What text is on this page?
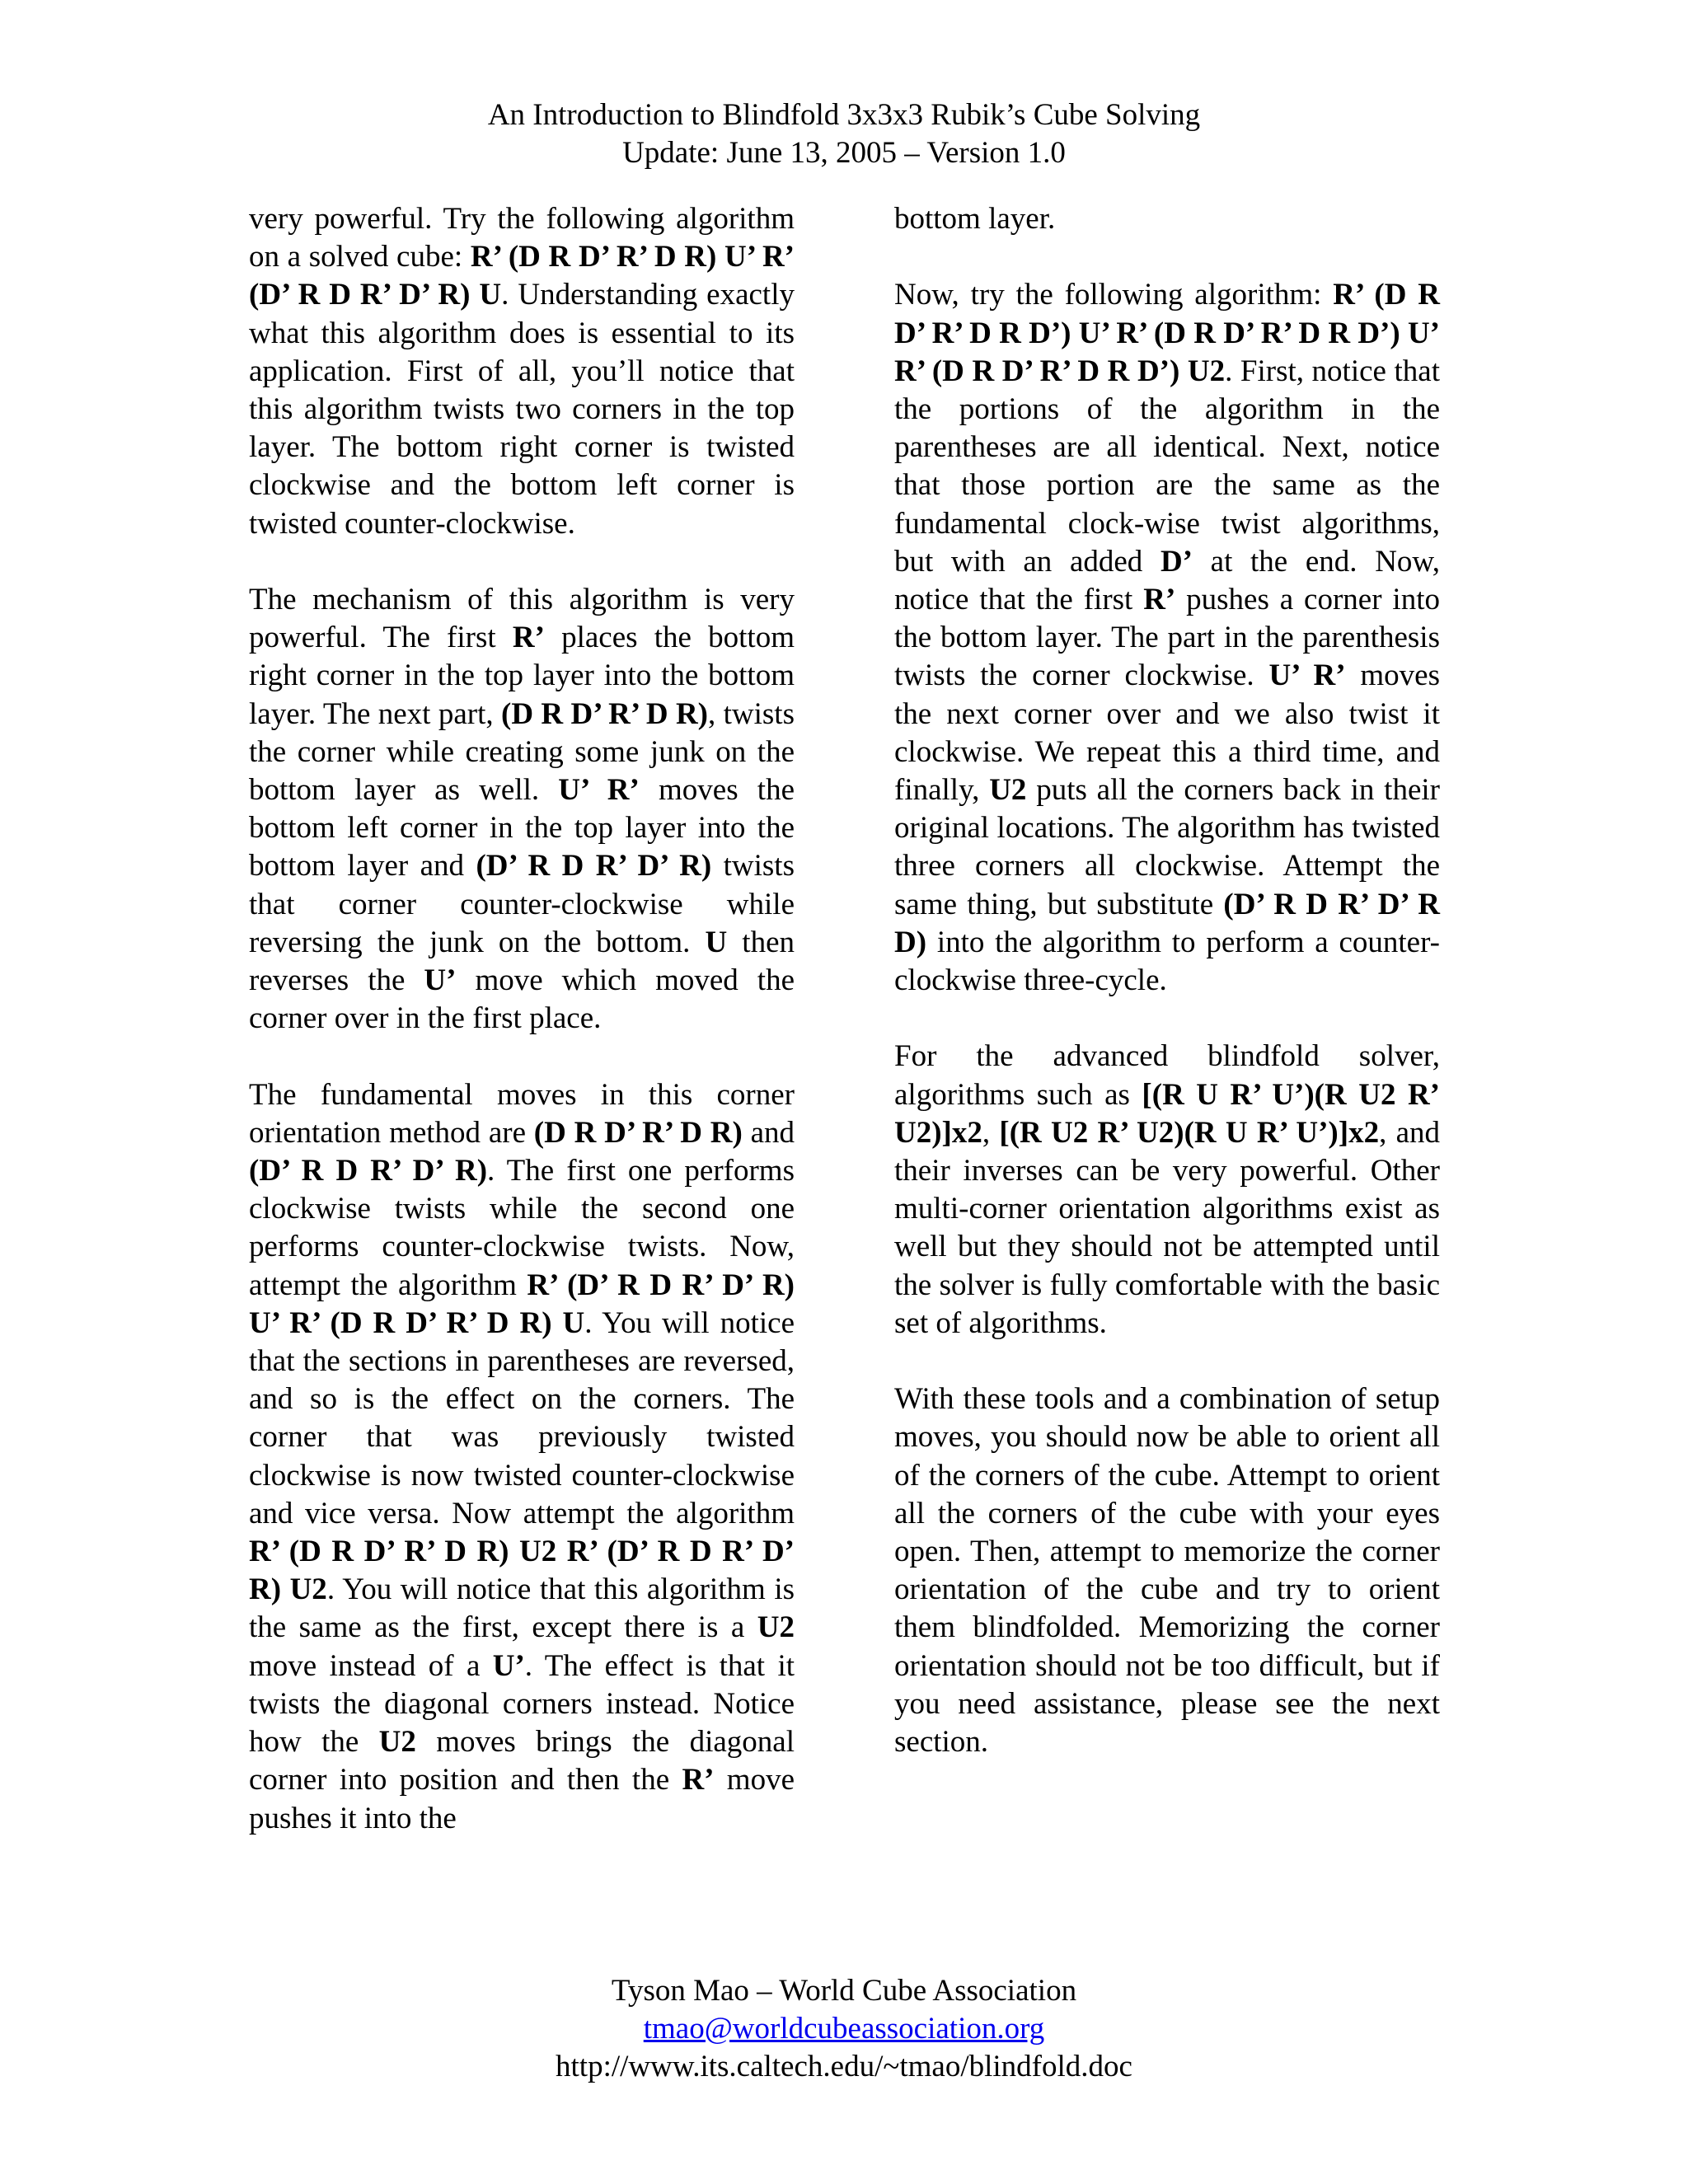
An Introduction to Blindfold 3x3x3 Rubik’s Cube Solving
Update: June 13, 2005 – Version 1.0

very powerful. Try the following algorithm on a solved cube: R’ (D R D’ R’ D R) U’ R’ (D’ R D R’ D’ R) U. Understanding exactly what this algorithm does is essential to its application. First of all, you’ll notice that this algorithm twists two corners in the top layer. The bottom right corner is twisted clockwise and the bottom left corner is twisted counter-clockwise.

The mechanism of this algorithm is very powerful. The first R’ places the bottom right corner in the top layer into the bottom layer. The next part, (D R D’ R’ D R), twists the corner while creating some junk on the bottom layer as well. U’ R’ moves the bottom left corner in the top layer into the bottom layer and (D’ R D R’ D’ R) twists that corner counter-clockwise while reversing the junk on the bottom. U then reverses the U’ move which moved the corner over in the first place.

The fundamental moves in this corner orientation method are (D R D’ R’ D R) and (D’ R D R’ D’ R). The first one performs clockwise twists while the second one performs counter-clockwise twists. Now, attempt the algorithm R’ (D’ R D R’ D’ R) U’ R’ (D R D’ R’ D R) U. You will notice that the sections in parentheses are reversed, and so is the effect on the corners. The corner that was previously twisted clockwise is now twisted counter-clockwise and vice versa. Now attempt the algorithm R’ (D R D’ R’ D R) U2 R’ (D’ R D R’ D’ R) U2. You will notice that this algorithm is the same as the first, except there is a U2 move instead of a U’. The effect is that it twists the diagonal corners instead. Notice how the U2 moves brings the diagonal corner into position and then the R’ move pushes it into the

bottom layer.

Now, try the following algorithm: R’ (D R D’ R’ D R D’) U’ R’ (D R D’ R’ D R D’) U’ R’ (D R D’ R’ D R D’) U2. First, notice that the portions of the algorithm in the parentheses are all identical. Next, notice that those portion are the same as the fundamental clock-wise twist algorithms, but with an added D’ at the end. Now, notice that the first R’ pushes a corner into the bottom layer. The part in the parenthesis twists the corner clockwise. U’ R’ moves the next corner over and we also twist it clockwise. We repeat this a third time, and finally, U2 puts all the corners back in their original locations. The algorithm has twisted three corners all clockwise. Attempt the same thing, but substitute (D’ R D R’ D’ R D) into the algorithm to perform a counter-clockwise three-cycle.

For the advanced blindfold solver, algorithms such as [(R U R’ U’)(R U2 R’ U2)]x2, [(R U2 R’ U2)(R U R’ U’)]x2, and their inverses can be very powerful. Other multi-corner orientation algorithms exist as well but they should not be attempted until the solver is fully comfortable with the basic set of algorithms.

With these tools and a combination of setup moves, you should now be able to orient all of the corners of the cube. Attempt to orient all the corners of the cube with your eyes open. Then, attempt to memorize the corner orientation of the cube and try to orient them blindfolded. Memorizing the corner orientation should not be too difficult, but if you need assistance, please see the next section.

Tyson Mao – World Cube Association
tmao@worldcubeassociation.org
http://www.its.caltech.edu/~tmao/blindfold.doc
